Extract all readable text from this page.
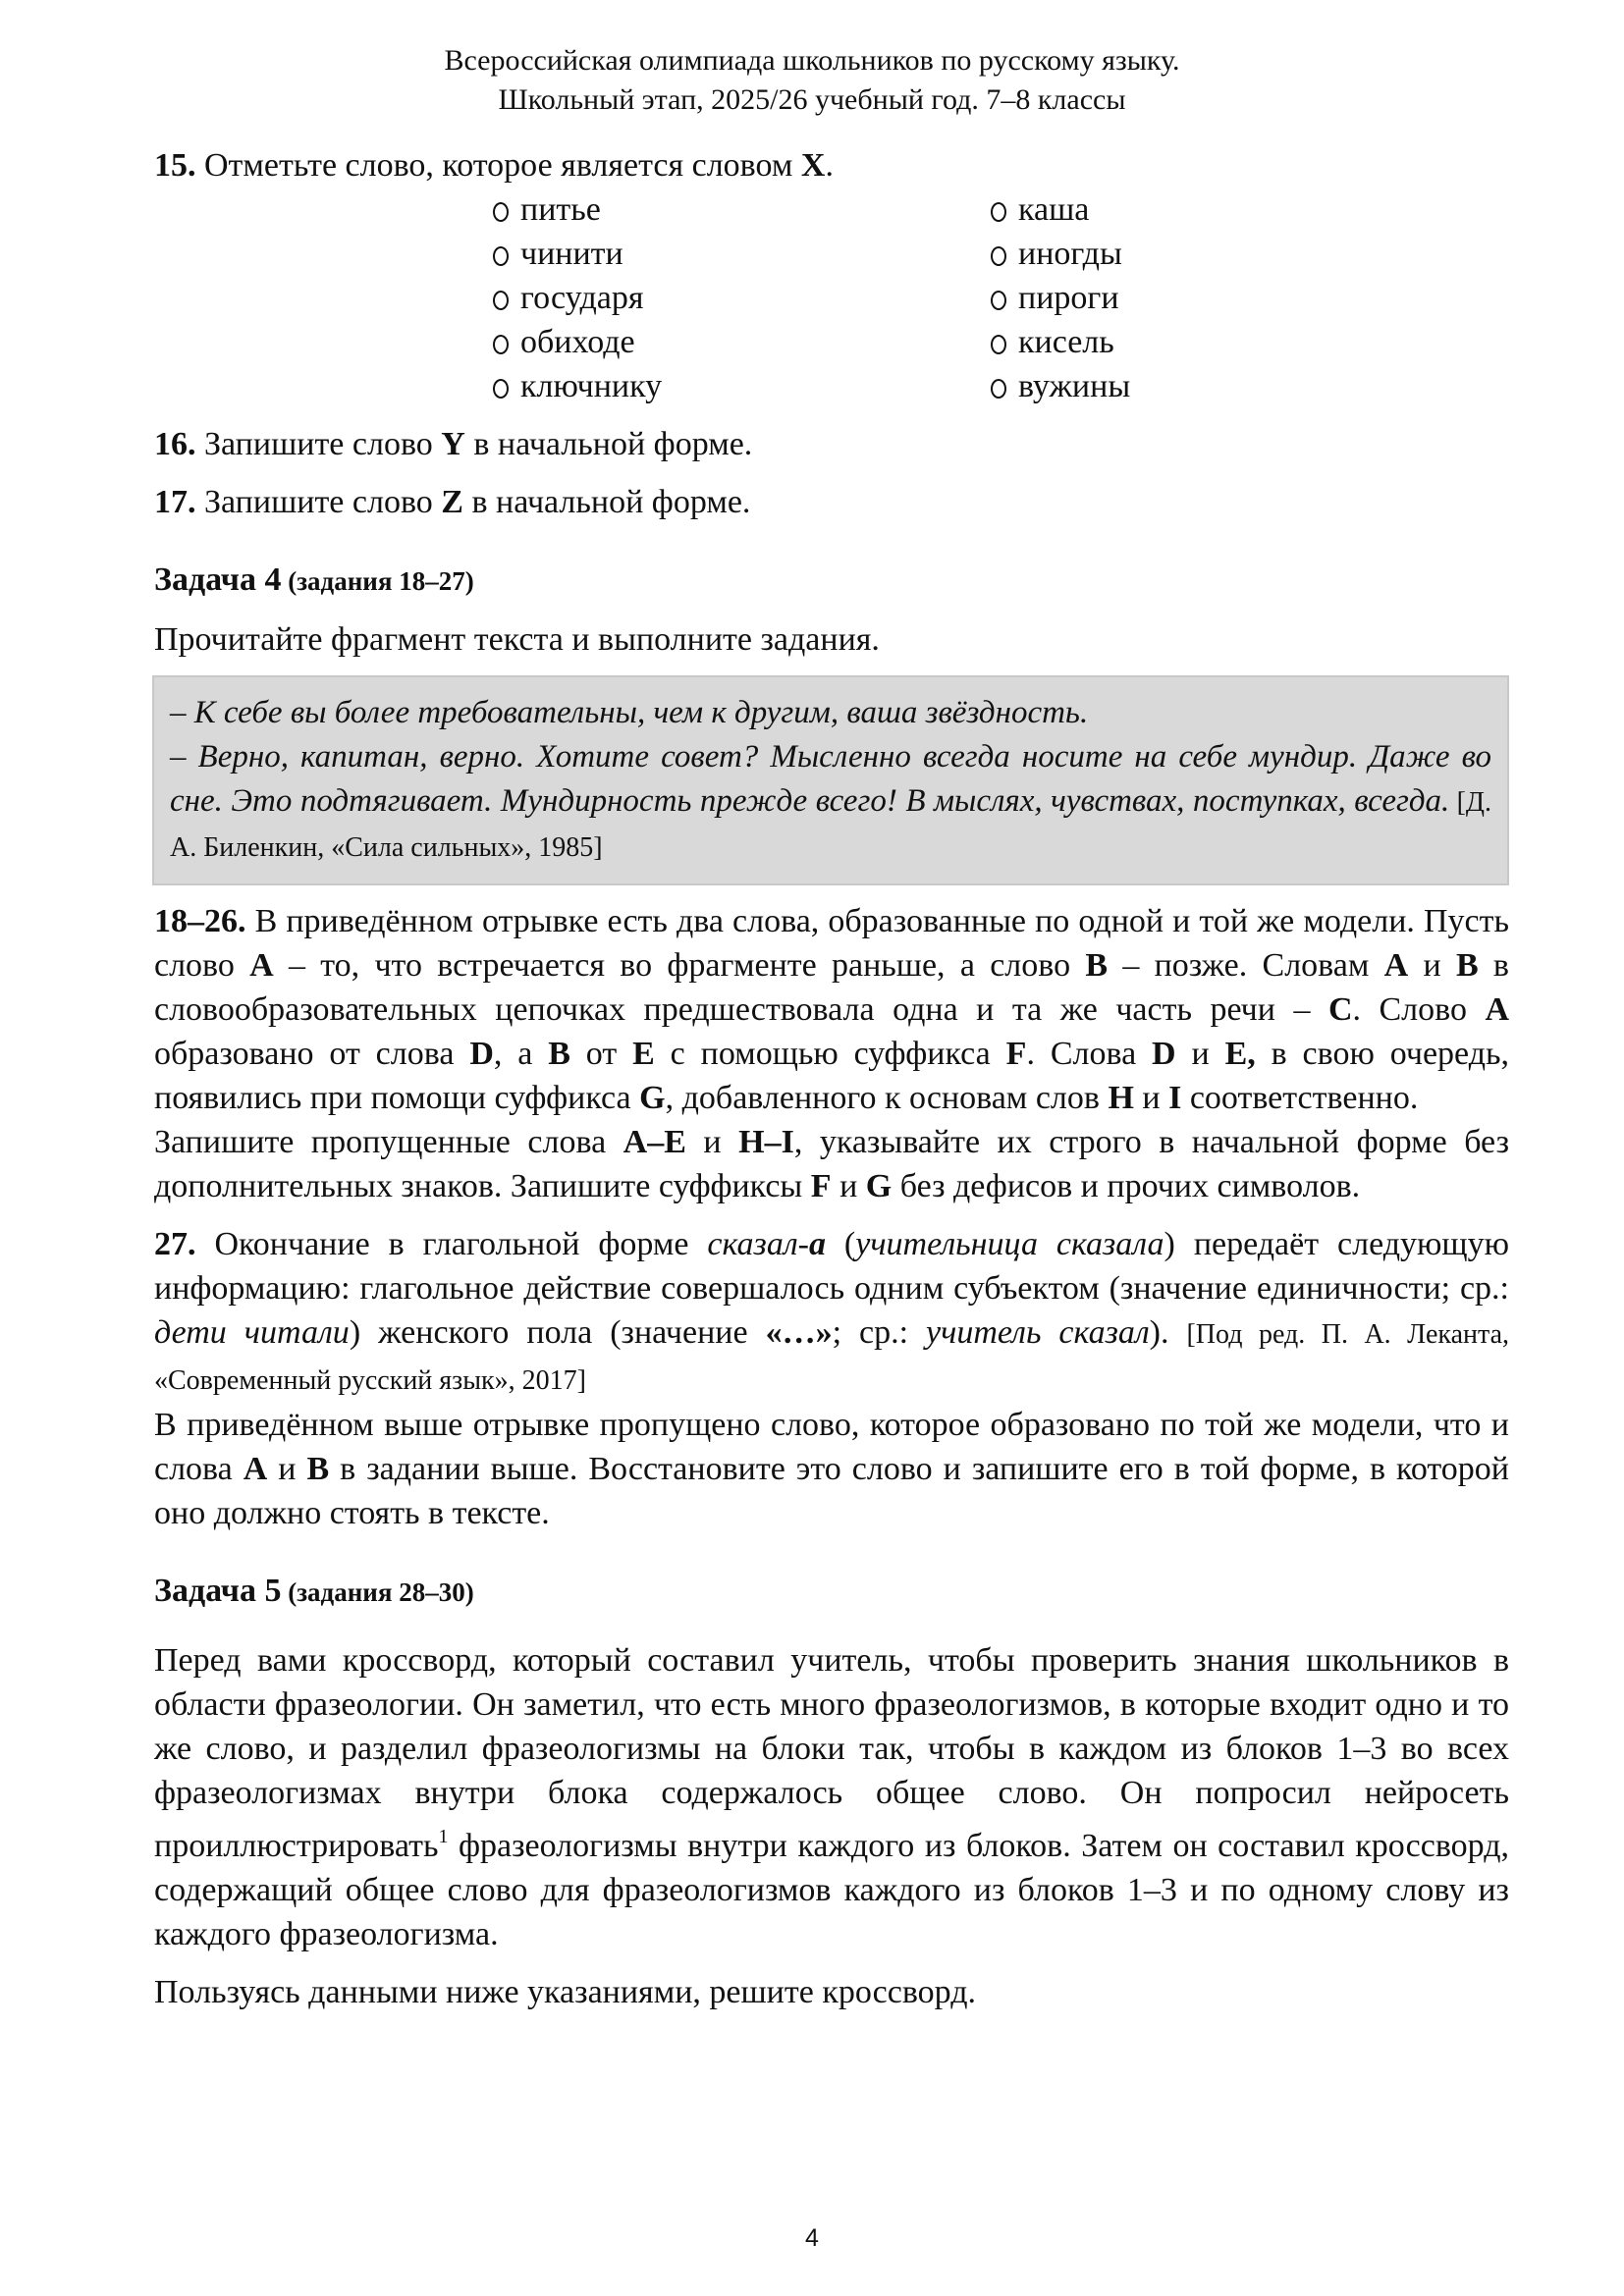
Всероссийская олимпиада школьников по русскому языку.
Школьный этап, 2025/26 учебный год. 7–8 классы

15. Отметьте слово, которое является словом X.

питье
чинити
государя
обиходе
ключнику
каша
иногды
пироги
кисель
вужины

16. Запишите слово Y в начальной форме.

17. Запишите слово Z в начальной форме.

Задача 4 (задания 18–27)

Прочитайте фрагмент текста и выполните задания.

– К себе вы более требовательны, чем к другим, ваша звёздность.
– Верно, капитан, верно. Хотите совет? Мысленно всегда носите на себе мундир. Даже во сне. Это подтягивает. Мундирность прежде всего! В мыслях, чувствах, поступках, всегда. [Д. А. Биленкин, «Сила сильных», 1985]

18–26. В приведённом отрывке есть два слова, образованные по одной и той же модели. Пусть слово A – то, что встречается во фрагменте раньше, а слово B – позже. Словам A и B в словообразовательных цепочках предшествовала одна и та же часть речи – C. Слово A образовано от слова D, а B от E с помощью суффикса F. Слова D и E, в свою очередь, появились при помощи суффикса G, добавленного к основам слов H и I соответственно.

Запишите пропущенные слова A–E и H–I, указывайте их строго в начальной форме без дополнительных знаков. Запишите суффиксы F и G без дефисов и прочих символов.

27. Окончание в глагольной форме сказал-а (учительница сказала) передаёт следующую информацию: глагольное действие совершалось одним субъектом (значение единичности; ср.: дети читали) женского пола (значение «…»; ср.: учитель сказал). [Под ред. П. А. Леканта, «Современный русский язык», 2017]

В приведённом выше отрывке пропущено слово, которое образовано по той же модели, что и слова A и B в задании выше. Восстановите это слово и запишите его в той форме, в которой оно должно стоять в тексте.

Задача 5 (задания 28–30)

Перед вами кроссворд, который составил учитель, чтобы проверить знания школьников в области фразеологии. Он заметил, что есть много фразеологизмов, в которые входит одно и то же слово, и разделил фразеологизмы на блоки так, чтобы в каждом из блоков 1–3 во всех фразеологизмах внутри блока содержалось общее слово. Он попросил нейросеть проиллюстрировать$^1$ фразеологизмы внутри каждого из блоков. Затем он составил кроссворд, содержащий общее слово для фразеологизмов каждого из блоков 1–3 и по одному слову из каждого фразеологизма.

Пользуясь данными ниже указаниями, решите кроссворд.

4
